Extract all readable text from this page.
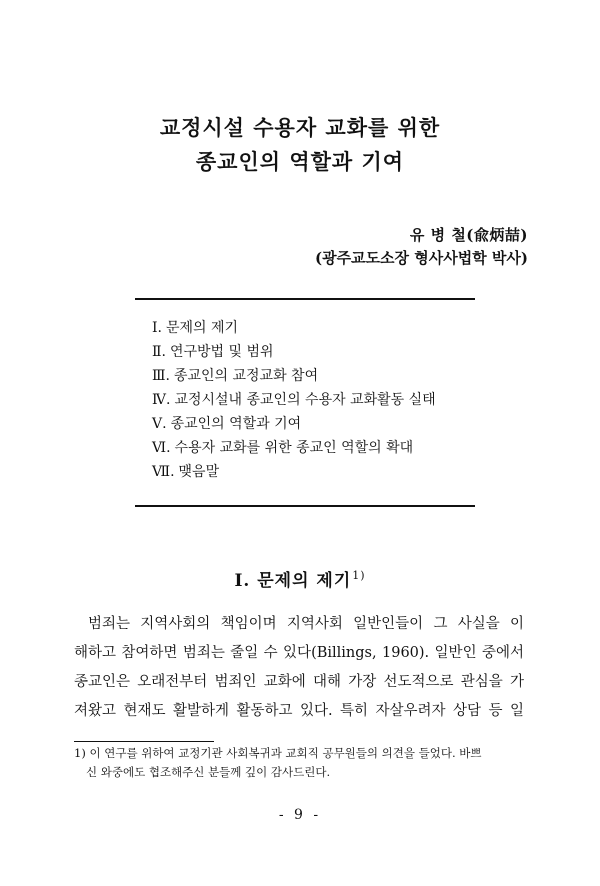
교정시설 수용자 교화를 위한
종교인의 역할과 기여
유 병 철(兪炳喆)
(광주교도소장 형사사법학 박사)
Ⅰ. 문제의 제기
Ⅱ. 연구방법 및 범위
Ⅲ. 종교인의 교정교화 참여
Ⅳ. 교정시설내 종교인의 수용자 교화활동 실태
Ⅴ. 종교인의 역할과 기여
Ⅵ. 수용자 교화를 위한 종교인 역할의 확대
Ⅶ. 맺음말
Ⅰ. 문제의 제기$^{1)}$

범죄는 지역사회의 책임이며 지역사회 일반인들이 그 사실을 이
해하고 참여하면 범죄는 줄일 수 있다(Billings, 1960). 일반인 중에서
종교인은 오래전부터 범죄인 교화에 대해 가장 선도적으로 관심을 가
져왔고 현재도 활발하게 활동하고 있다. 특히 자살우려자 상담 등 일

1) 이 연구를 위하여 교정기관 사회복귀과 교회직 공무원들의 의견을 들었다. 바쁘
신 와중에도 협조해주신 분들께 깊이 감사드린다.
- 9 -
